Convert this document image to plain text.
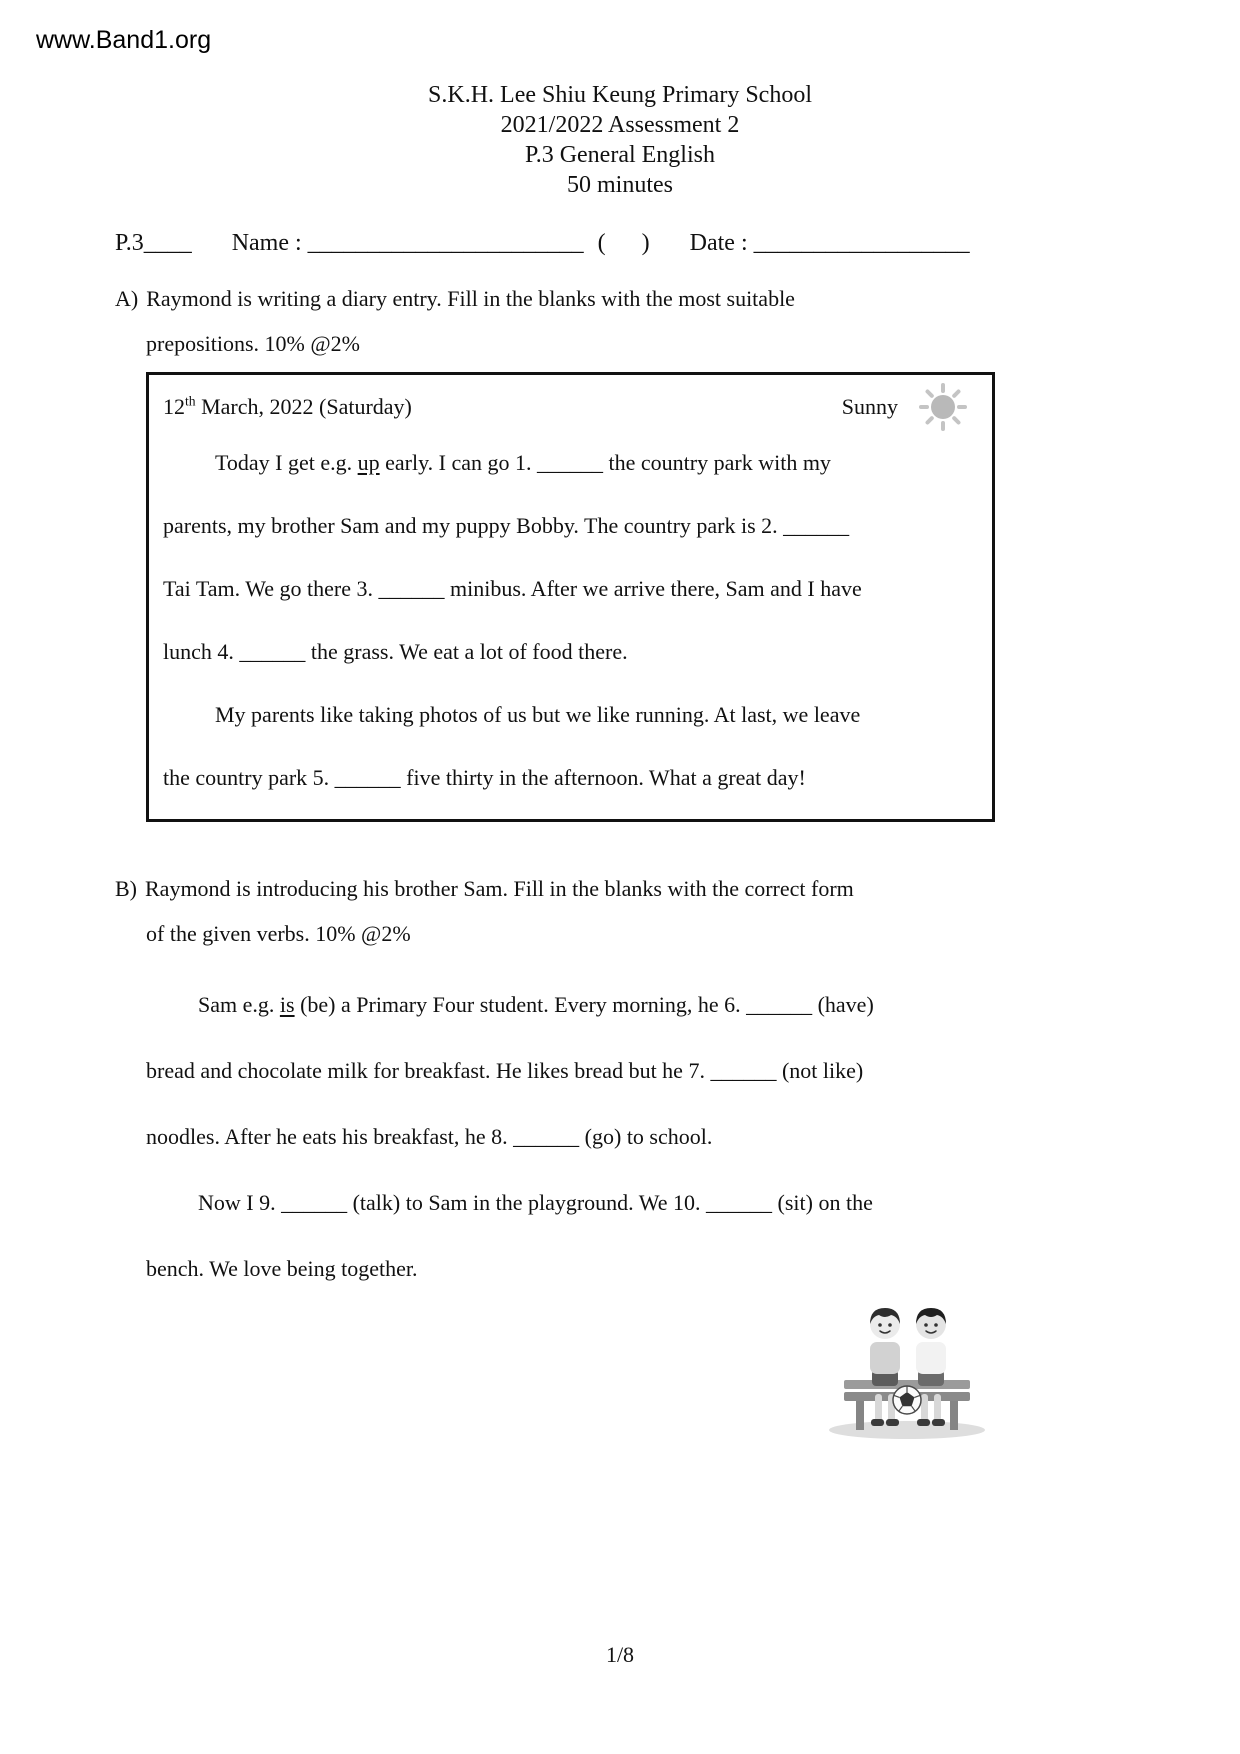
www.Band1.org
S.K.H. Lee Shiu Keung Primary School
2021/2022 Assessment 2
P.3 General English
50 minutes
P.3____ Name : _______________________ (      ) Date : __________________
A) Raymond is writing a diary entry. Fill in the blanks with the most suitable
prepositions. 10% @2%
12th March, 2022 (Saturday)	Sunny
Today I get e.g. up early. I can go 1. ______ the country park with my
parents, my brother Sam and my puppy Bobby. The country park is 2. ______
Tai Tam. We go there 3. ______ minibus. After we arrive there, Sam and I have
lunch 4. ______ the grass. We eat a lot of food there.
My parents like taking photos of us but we like running. At last, we leave
the country park 5. ______ five thirty in the afternoon. What a great day!
B) Raymond is introducing his brother Sam. Fill in the blanks with the correct form
of the given verbs. 10% @2%
Sam e.g. is (be) a Primary Four student. Every morning, he 6. ______ (have)
bread and chocolate milk for breakfast. He likes bread but he 7. ______ (not like)
noodles. After he eats his breakfast, he 8. ______ (go) to school.
Now I 9. ______ (talk) to Sam in the playground. We 10. ______ (sit) on the
bench. We love being together.
1/8
